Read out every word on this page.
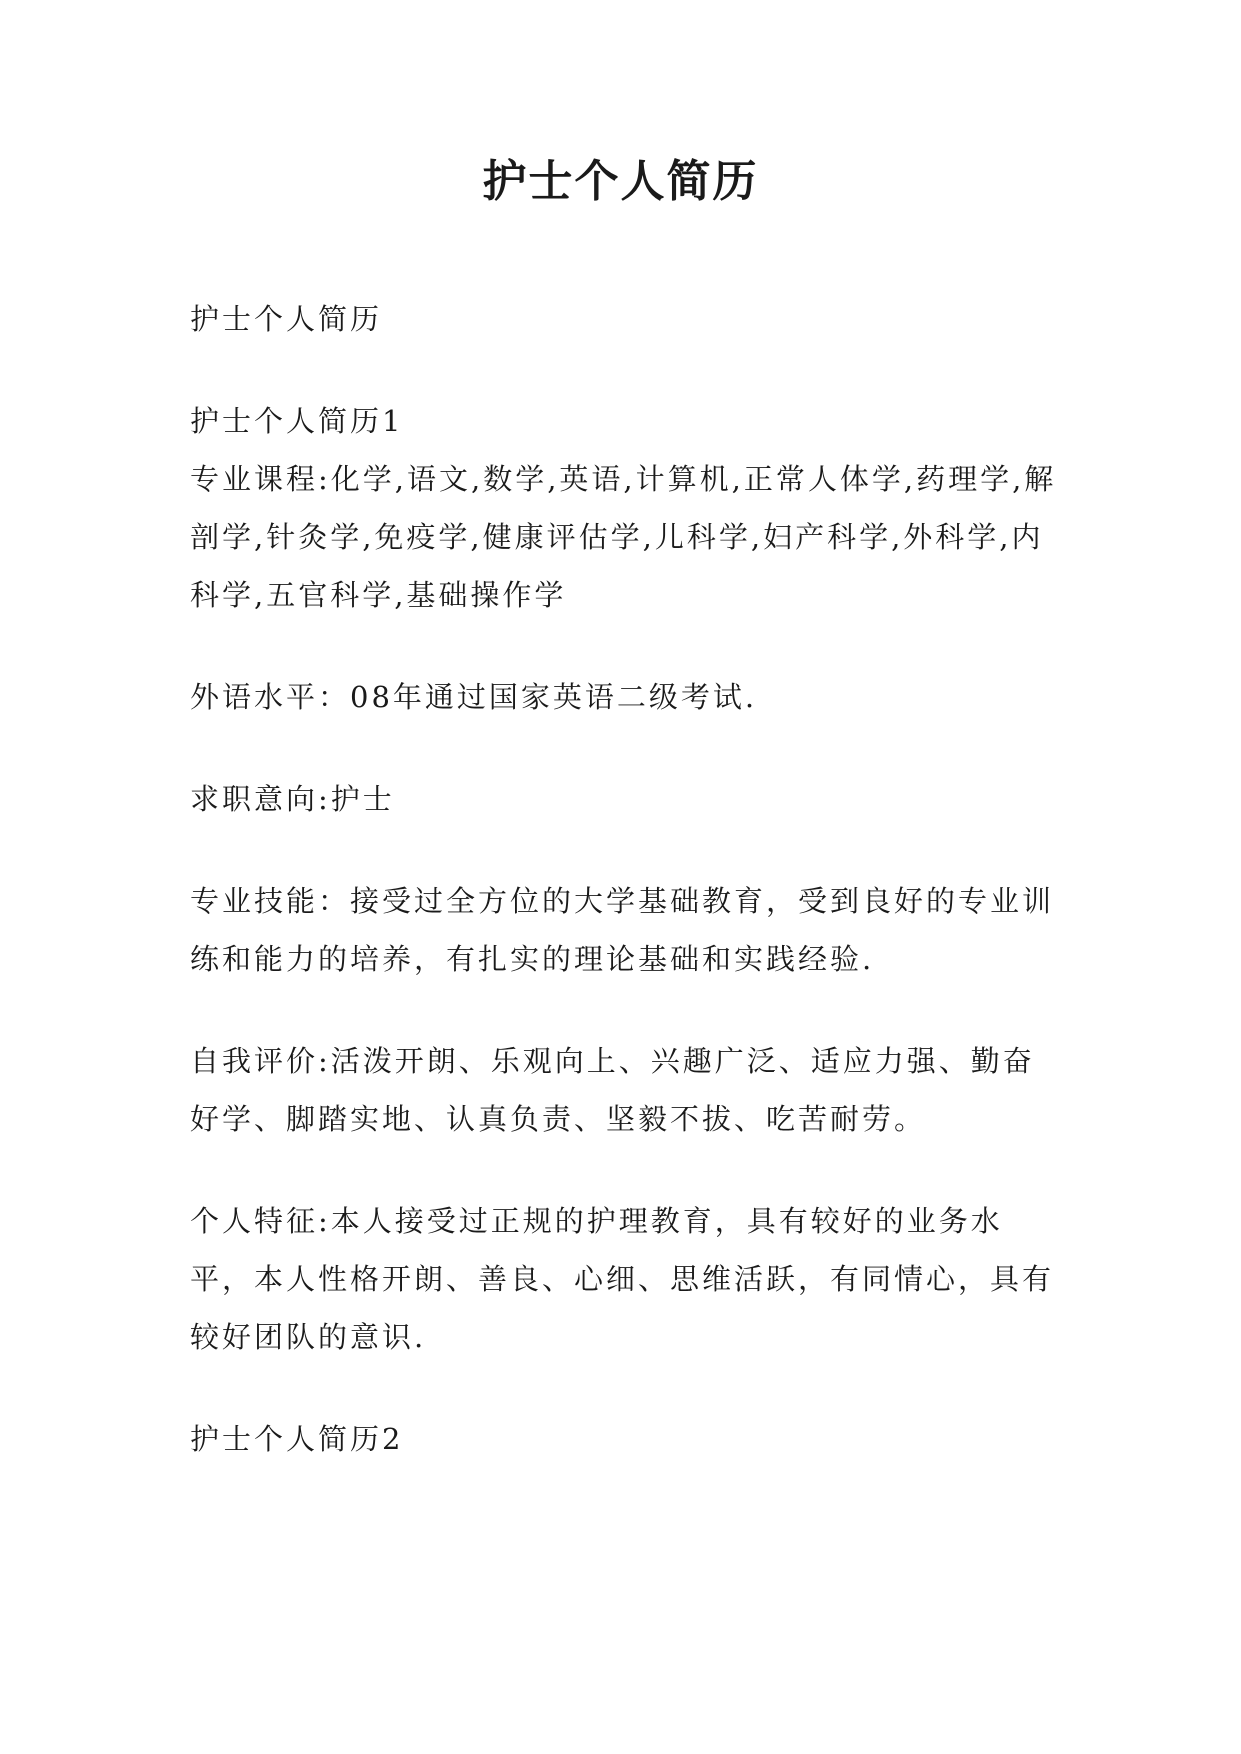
护士个人简历

护士个人简历

护士个人简历1

专业课程:化学,语文,数学,英语,计算机,正常人体学,药理学,解剖学,针灸学,免疫学,健康评估学,儿科学,妇产科学,外科学,内科学,五官科学,基础操作学

外语水平：08年通过国家英语二级考试.

求职意向:护士

专业技能：接受过全方位的大学基础教育，受到良好的专业训练和能力的培养，有扎实的理论基础和实践经验.

自我评价:活泼开朗、乐观向上、兴趣广泛、适应力强、勤奋好学、脚踏实地、认真负责、坚毅不拔、吃苦耐劳。

个人特征:本人接受过正规的护理教育，具有较好的业务水平，本人性格开朗、善良、心细、思维活跃，有同情心，具有较好团队的意识.

护士个人简历2
